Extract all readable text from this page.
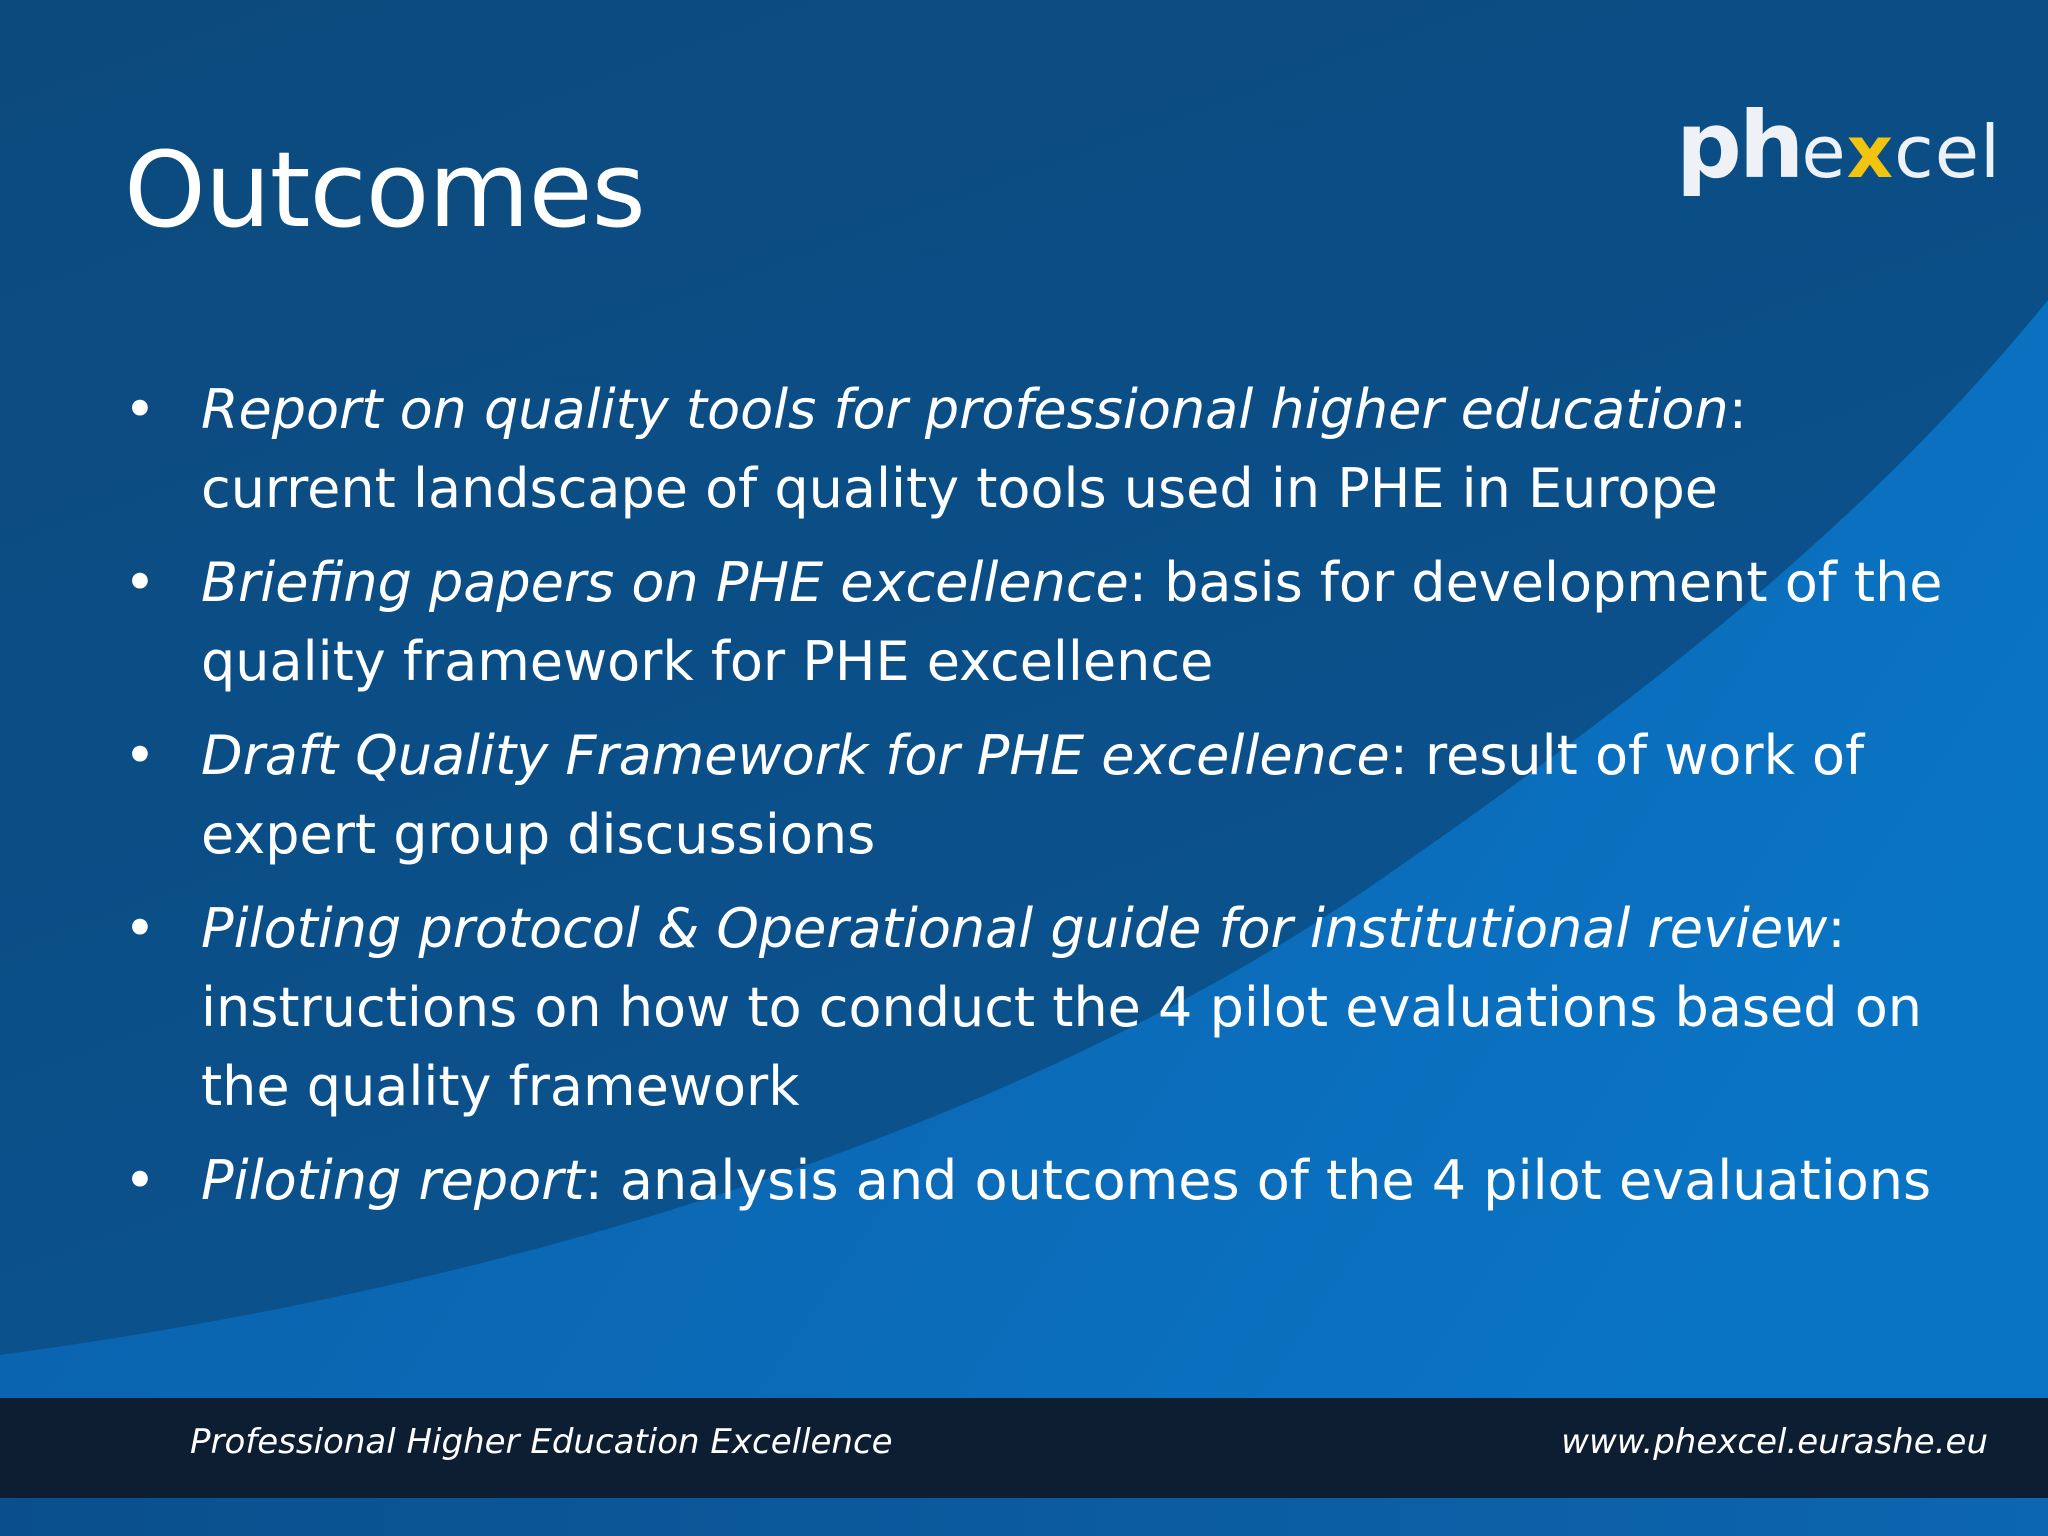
Outcomes	phexcel
• Report on quality tools for professional higher education: current landscape of quality tools used in PHE in Europe
• Briefing papers on PHE excellence: basis for development of the quality framework for PHE excellence
• Draft Quality Framework for PHE excellence: result of work of expert group discussions
• Piloting protocol & Operational guide for institutional review: instructions on how to conduct the 4 pilot evaluations based on the quality framework
• Piloting report: analysis and outcomes of the 4 pilot evaluations
Professional Higher Education Excellence	www.phexcel.eurashe.eu
